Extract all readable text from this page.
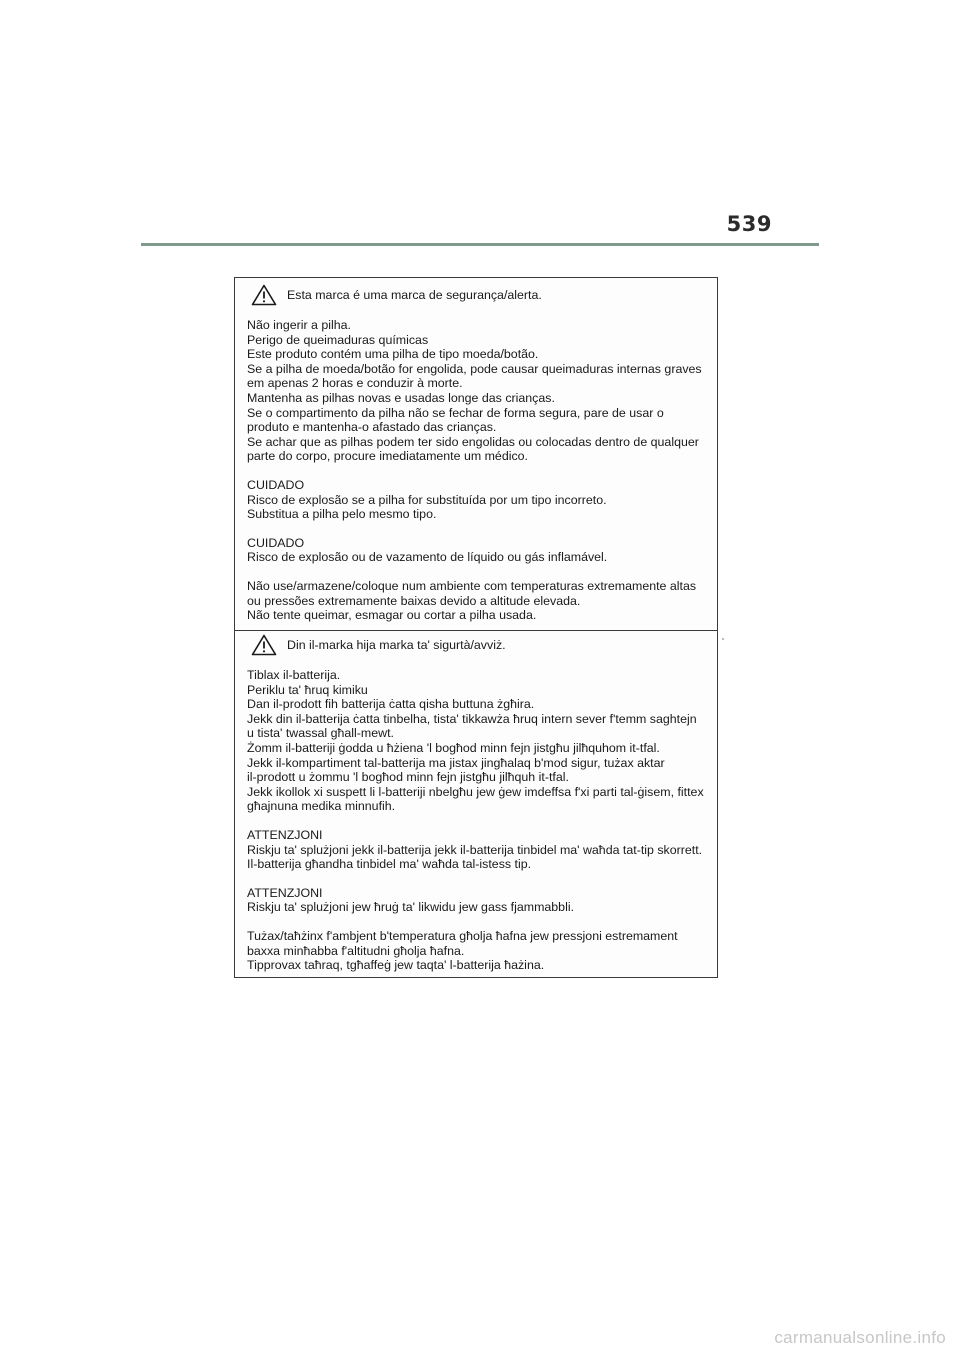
539
Esta marca é uma marca de segurança/alerta.
Não ingerir a pilha.
Perigo de queimaduras químicas
Este produto contém uma pilha de tipo moeda/botão.
Se a pilha de moeda/botão for engolida, pode causar queimaduras internas graves
em apenas 2 horas e conduzir à morte.
Mantenha as pilhas novas e usadas longe das crianças.
Se o compartimento da pilha não se fechar de forma segura, pare de usar o
produto e mantenha-o afastado das crianças.
Se achar que as pilhas podem ter sido engolidas ou colocadas dentro de qualquer
parte do corpo, procure imediatamente um médico.
CUIDADO
Risco de explosão se a pilha for substituída por um tipo incorreto.
Substitua a pilha pelo mesmo tipo.
CUIDADO
Risco de explosão ou de vazamento de líquido ou gás inflamável.
Não use/armazene/coloque num ambiente com temperaturas extremamente altas
ou pressões extremamente baixas devido a altitude elevada.
Não tente queimar, esmagar ou cortar a pilha usada.
Din il-marka hija marka ta' sigurtà/avviż.
Tiblax il-batterija.
Periklu ta' ħruq kimiku
Dan il-prodott fih batterija ċatta qisha buttuna żgħira.
Jekk din il-batterija ċatta tinbelha, tista' tikkawża ħruq intern sever f'temm saghtejn
u tista' twassal għall-mewt.
Żomm il-batteriji ġodda u ħżiena 'l bogħod minn fejn jistgħu jilħquhom it-tfal.
Jekk il-kompartiment tal-batterija ma jistax jingħalaq b'mod sigur, tużax aktar
il-prodott u żommu 'l bogħod minn fejn jistgħu jilħquh it-tfal.
Jekk ikollok xi suspett li l-batteriji nbelgħu jew ġew imdeffsa f'xi parti tal-ġisem, fittex
għajnuna medika minnufih.
ATTENZJONI
Riskju ta' splużjoni jekk il-batterija jekk il-batterija tinbidel ma' waħda tat-tip skorrett.
Il-batterija għandha tinbidel ma' waħda tal-istess tip.
ATTENZJONI
Riskju ta' splużjoni jew ħruġ ta' likwidu jew gass fjammabbli.
Tużax/taħżinx f'ambjent b'temperatura għolja ħafna jew pressjoni estremament
baxxa minħabba f'altitudni għolja ħafna.
Tipprovax taħraq, tgħaffeġ jew taqta' l-batterija ħażina.
carmanualsonline.info
